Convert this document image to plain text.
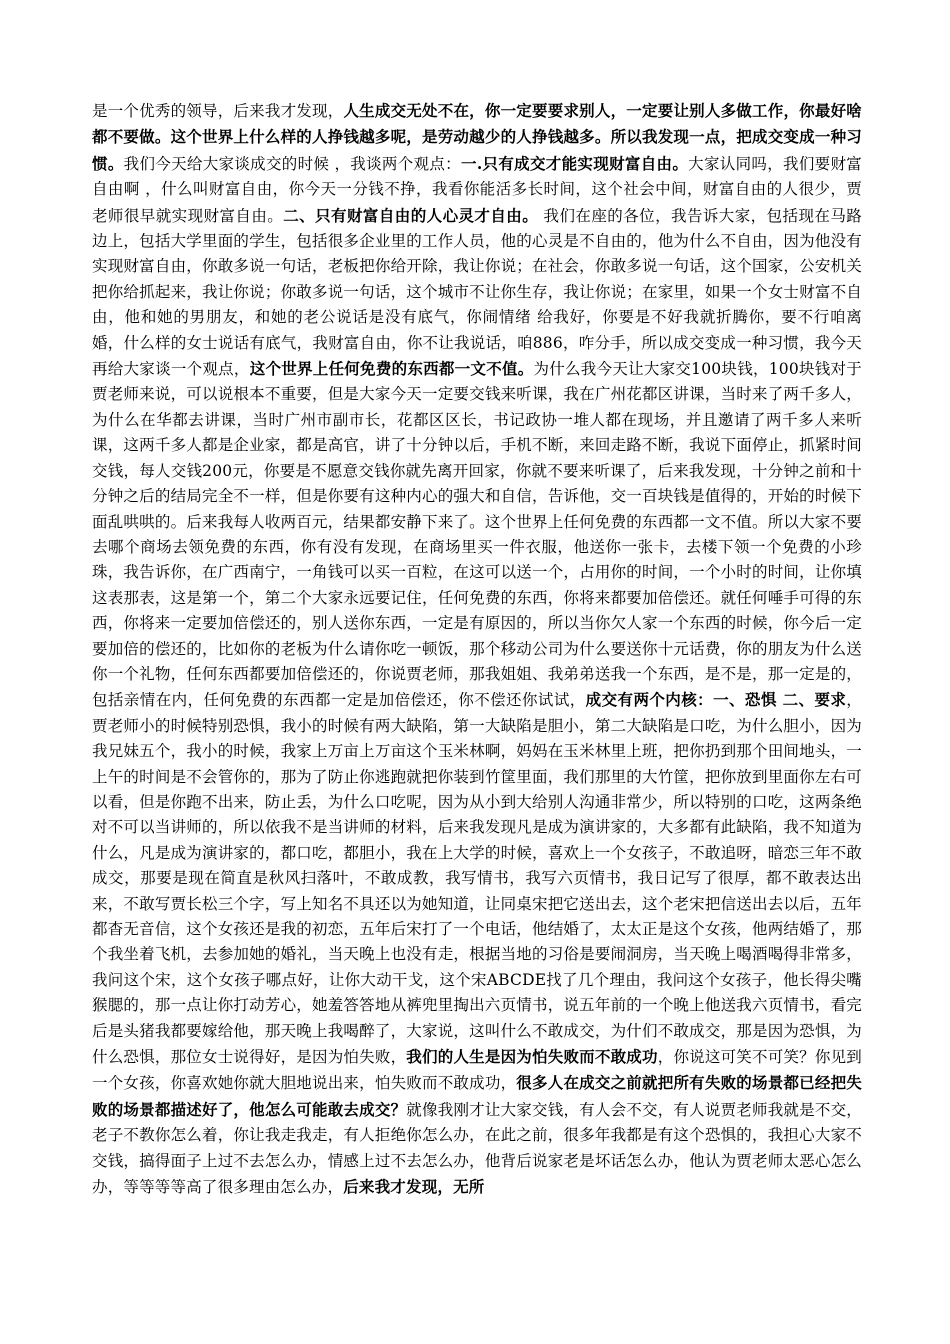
是一个优秀的领导，后来我才发现，人生成交无处不在，你一定要要求别人，一定要让别人多做工作，你最好啥都不要做。这个世界上什么样的人挣钱越多呢，是劳动越少的人挣钱越多。所以我发现一点，把成交变成一种习惯。我们今天给大家谈成交的时候 ，我谈两个观点：一.只有成交才能实现财富自由。大家认同吗，我们要财富自由啊 ，什么叫财富自由，你今天一分钱不挣，我看你能活多长时间，这个社会中间，财富自由的人很少，贾老师很早就实现财富自由。二、只有财富自由的人心灵才自由。 我们在座的各位，我告诉大家，包括现在马路边上，包括大学里面的学生，包括很多企业里的工作人员，他的心灵是不自由的，他为什么不自由，因为他没有实现财富自由，你敢多说一句话，老板把你给开除，我让你说；在社会，你敢多说一句话，这个国家，公安机关把你给抓起来，我让你说；你敢多说一句话，这个城市不让你生存，我让你说；在家里，如果一个女士财富不自由，他和她的男朋友，和她的老公说话是没有底气，你闹情绪 给我好，你要是不好我就折腾你，要不行咱离婚，什么样的女士说话有底气，我财富自由，你不让我说话，咱886，咋分手，所以成交变成一种习惯，我今天再给大家谈一个观点，这个世界上任何免费的东西都一文不值。为什么我今天让大家交100块钱，100块钱对于贾老师来说，可以说根本不重要，但是大家今天一定要交钱来听课，我在广州花都区讲课，当时来了两千多人，为什么在华都去讲课，当时广州市副市长，花都区区长，书记政协一堆人都在现场，并且邀请了两千多人来听课，这两千多人都是企业家，都是高官，讲了十分钟以后，手机不断，来回走路不断，我说下面停止，抓紧时间交钱，每人交钱200元，你要是不愿意交钱你就先离开回家，你就不要来听课了，后来我发现，十分钟之前和十分钟之后的结局完全不一样，但是你要有这种内心的强大和自信，告诉他，交一百块钱是值得的，开始的时候下面乱哄哄的。后来我每人收两百元，结果都安静下来了。这个世界上任何免费的东西都一文不值。所以大家不要去哪个商场去领免费的东西，你有没有发现，在商场里买一件衣服，他送你一张卡，去楼下领一个免费的小珍珠，我告诉你，在广西南宁，一角钱可以买一百粒，在这可以送一个，占用你的时间，一个小时的时间，让你填这表那表，这是第一个，第二个大家永远要记住，任何免费的东西，你将来都要加倍偿还。就任何唾手可得的东西，你将来一定要加倍偿还的，别人送你东西，一定是有原因的，所以当你欠人家一个东西的时候，你今后一定要加倍的偿还的，比如你的老板为什么请你吃一顿饭，那个移动公司为什么要送你十元话费，你的朋友为什么送你一个礼物，任何东西都要加倍偿还的，你说贾老师，那我姐姐、我弟弟送我一个东西，是不是，那一定是的，包括亲情在内，任何免费的东西都一定是加倍偿还，你不偿还你试试，成交有两个内核：一、恐惧 二、要求，贾老师小的时候特别恐惧，我小的时候有两大缺陷，第一大缺陷是胆小，第二大缺陷是口吃，为什么胆小，因为我兄妹五个，我小的时候，我家上万亩上万亩这个玉米林啊，妈妈在玉米林里上班，把你扔到那个田间地头，一上午的时间是不会管你的，那为了防止你逃跑就把你装到竹筐里面，我们那里的大竹筐，把你放到里面你左右可以看，但是你跑不出来，防止丢，为什么口吃呢，因为从小到大给别人沟通非常少，所以特别的口吃，这两条绝对不可以当讲师的，所以依我不是当讲师的材料，后来我发现凡是成为演讲家的，大多都有此缺陷，我不知道为什么，凡是成为演讲家的，都口吃，都胆小，我在上大学的时候，喜欢上一个女孩子，不敢追呀，暗恋三年不敢成交，那要是现在简直是秋风扫落叶，不敢成教，我写情书，我写六页情书，我日记写了很厚，都不敢表达出来，不敢写贾长松三个字，写上知名不具还以为她知道，让同桌宋把它送出去，这个老宋把信送出去以后，五年都杳无音信，这个女孩还是我的初恋，五年后宋打了一个电话，他结婚了，太太正是这个女孩，他两结婚了，那个我坐着飞机，去参加她的婚礼，当天晚上也没有走，根据当地的习俗是要闹洞房，当天晚上喝酒喝得非常多，我问这个宋，这个女孩子哪点好，让你大动干戈，这个宋ABCDE找了几个理由，我问这个女孩子，他长得尖嘴猴腮的，那一点让你打动芳心，她羞答答地从裤兜里掏出六页情书，说五年前的一个晚上他送我六页情书，看完后是头猪我都要嫁给他，那天晚上我喝醉了，大家说，这叫什么不敢成交，为什们不敢成交，那是因为恐惧，为什么恐惧，那位女士说得好，是因为怕失败，我们的人生是因为怕失败而不敢成功，你说这可笑不可笑？你见到一个女孩，你喜欢她你就大胆地说出来，怕失败而不敢成功，很多人在成交之前就把所有失败的场景都已经把失败的场景都描述好了，他怎么可能敢去成交？就像我刚才让大家交钱，有人会不交，有人说贾老师我就是不交，老子不教你怎么着，你让我走我走，有人拒绝你怎么办，在此之前，很多年我都是有这个恐惧的，我担心大家不交钱，搞得面子上过不去怎么办，情感上过不去怎么办，他背后说家老是坏话怎么办，他认为贾老师太恶心怎么办，等等等等高了很多理由怎么办，后来我才发现，无所
